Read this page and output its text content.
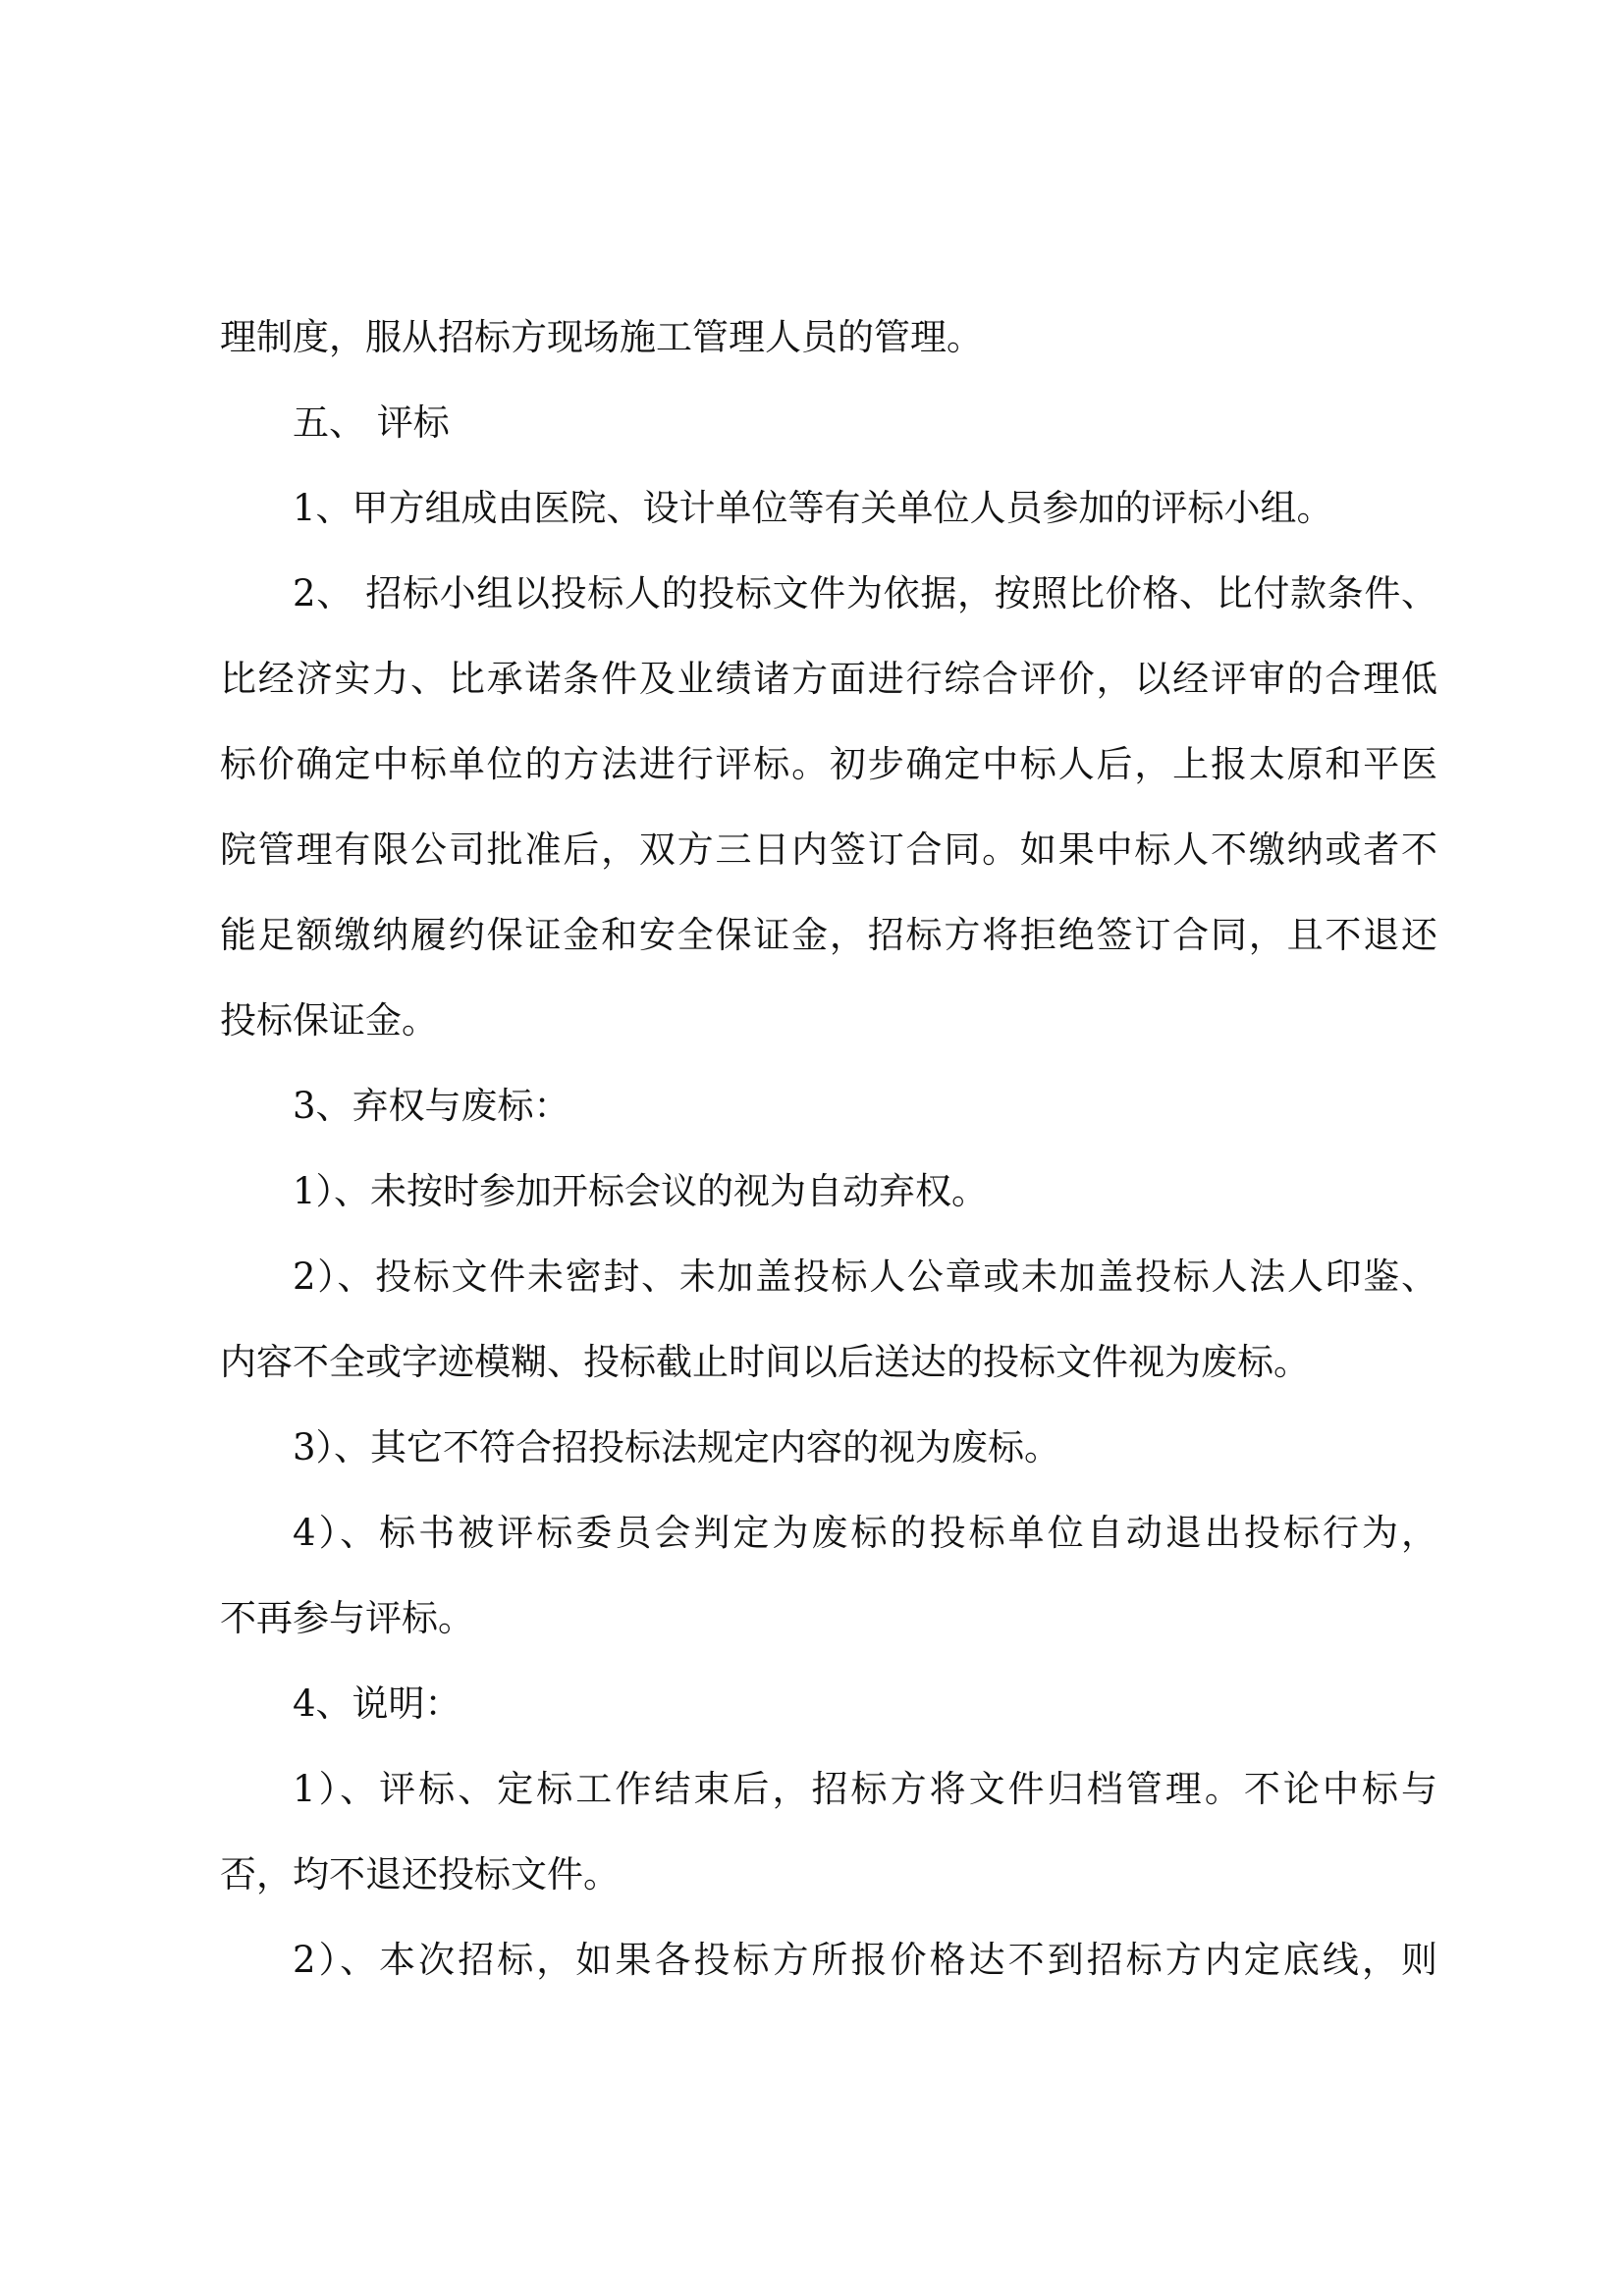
理制度，服从招标方现场施工管理人员的管理。
五、 评标
1、甲方组成由医院、设计单位等有关单位人员参加的评标小组。
2、 招标小组以投标人的投标文件为依据，按照比价格、比付款条件、
比经济实力、比承诺条件及业绩诸方面进行综合评价，以经评审的合理低
标价确定中标单位的方法进行评标。初步确定中标人后，上报太原和平医
院管理有限公司批准后，双方三日内签订合同。如果中标人不缴纳或者不
能足额缴纳履约保证金和安全保证金，招标方将拒绝签订合同，且不退还
投标保证金。
3、弃权与废标：
1）、未按时参加开标会议的视为自动弃权。
2）、投标文件未密封、未加盖投标人公章或未加盖投标人法人印鉴、
内容不全或字迹模糊、投标截止时间以后送达的投标文件视为废标。
3）、其它不符合招投标法规定内容的视为废标。
4）、标书被评标委员会判定为废标的投标单位自动退出投标行为，
不再参与评标。
4、说明：
1）、评标、定标工作结束后，招标方将文件归档管理。不论中标与
否，均不退还投标文件。
2）、本次招标，如果各投标方所报价格达不到招标方内定底线，则
